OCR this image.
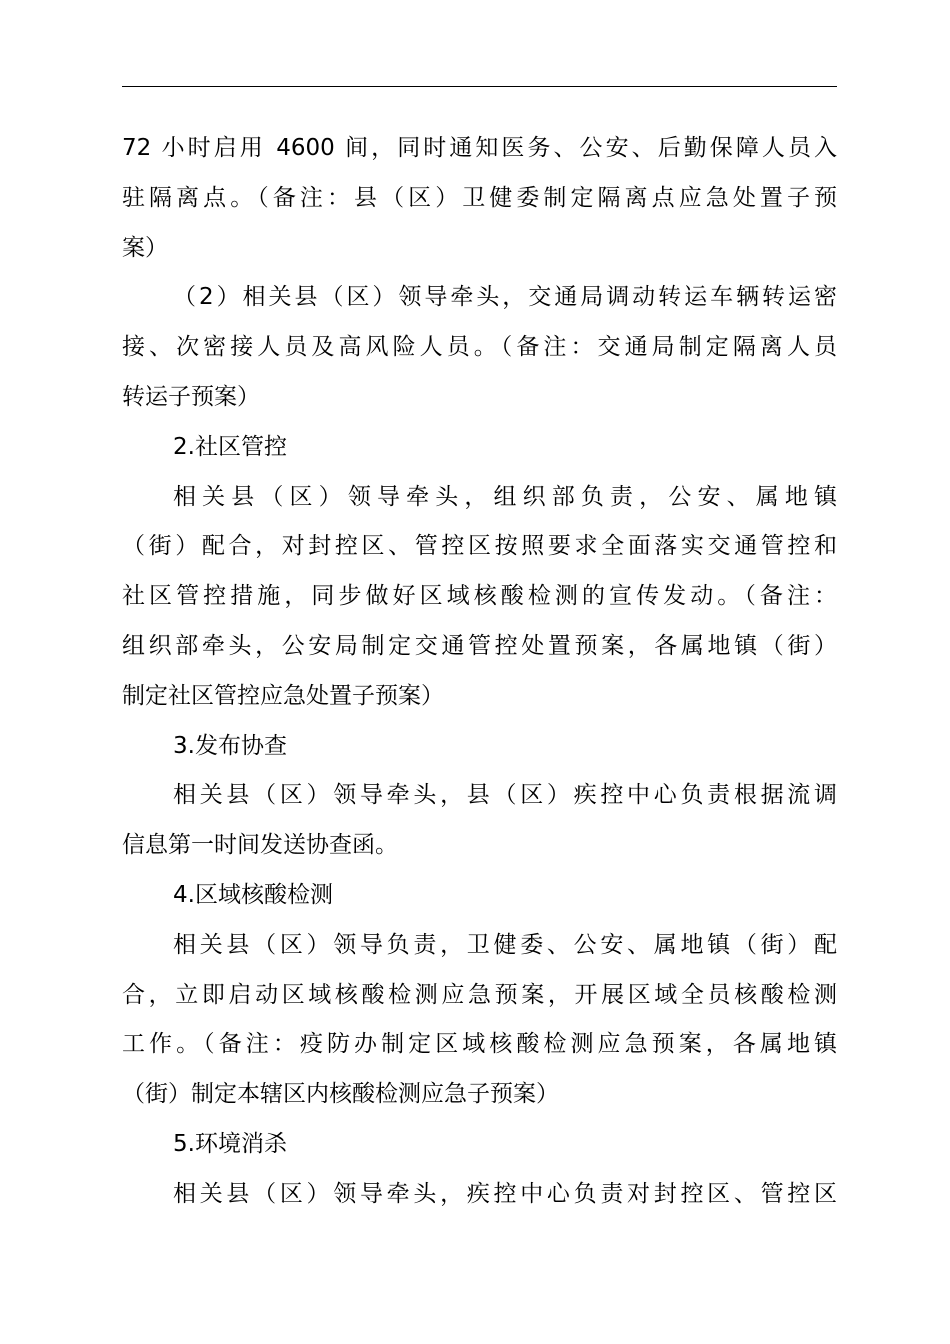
72 小时启用 4600 间，同时通知医务、公安、后勤保障人员入
驻隔离点。（备注：县（区）卫健委制定隔离点应急处置子预
案）
（2）相关县（区）领导牵头，交通局调动转运车辆转运密
接、次密接人员及高风险人员。（备注：交通局制定隔离人员
转运子预案）
2.社区管控
相关县（区）领导牵头，组织部负责，公安、属地镇
（街）配合，对封控区、管控区按照要求全面落实交通管控和
社区管控措施，同步做好区域核酸检测的宣传发动。（备注：
组织部牵头，公安局制定交通管控处置预案，各属地镇（街）
制定社区管控应急处置子预案）
3.发布协查
相关县（区）领导牵头，县（区）疾控中心负责根据流调
信息第一时间发送协查函。
4.区域核酸检测
相关县（区）领导负责，卫健委、公安、属地镇（街）配
合，立即启动区域核酸检测应急预案，开展区域全员核酸检测
工作。（备注：疫防办制定区域核酸检测应急预案，各属地镇
（街）制定本辖区内核酸检测应急子预案）
5.环境消杀
相关县（区）领导牵头，疾控中心负责对封控区、管控区
